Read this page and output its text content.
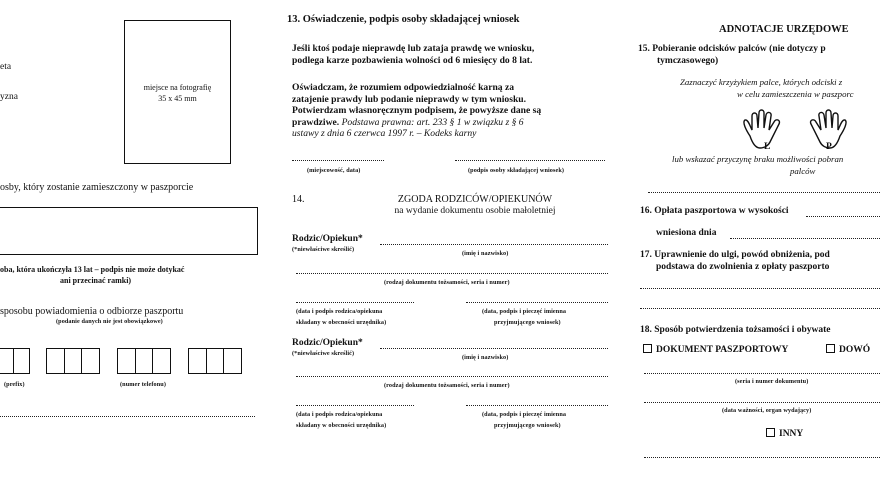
eta
yzna
miejsce na fotografię
35 x 45 mm
osby, który zostanie zamieszczony w paszporcie
oba, która ukończyła 13 lat – podpis nie może dotykać
ani przecinać ramki)
sposobu powiadomienia o odbiorze paszportu
(podanie danych nie jest obowiązkowe)
(prefix)	(numer telefonu)
13. Oświadczenie, podpis osoby składającej wniosek
Jeśli ktoś podaje nieprawdę lub zataja prawdę we wniosku,
podlega karze pozbawienia wolności od 6 miesięcy do 8 lat.
Oświadczam, że rozumiem odpowiedzialność karną za
zatajenie prawdy lub podanie nieprawdy w tym wniosku.
Potwierdzam własnoręcznym podpisem, że powyższe dane są
prawdziwe. Podstawa prawna: art. 233 § 1 w związku z § 6
ustawy z dnia 6 czerwca 1997 r. – Kodeks karny
(miejscowość, data)	(podpis osoby składającej wniosek)
14.	ZGODA RODZICÓW/OPIEKUNÓW
na wydanie dokumentu osobie małoletniej
Rodzic/Opiekun*
(*niewłaściwe skreślić)
(imię i nazwisko)
(rodzaj dokumentu tożsamości, seria i numer)
(data i podpis rodzica/opiekuna
składany w obecności urzędnika)
(data, podpis i pieczęć imienna
przyjmującego wniosek)
Rodzic/Opiekun*
(*niewłaściwe skreślić)
(imię i nazwisko)
(rodzaj dokumentu tożsamości, seria i numer)
(data i podpis rodzica/opiekuna
składany w obecności urzędnika)
(data, podpis i pieczęć imienna
przyjmującego wniosek)
ADNOTACJE URZĘDOWE
15. Pobieranie odcisków palców (nie dotyczy p
tymczasowego)
Zaznaczyć krzyżykiem palce, których odciski z
w celu zamieszczenia w paszporc
L	P
lub wskazać przyczynę braku możliwości pobran
palców
16. Opłata paszportowa w wysokości
wniesiona dnia
17. Uprawnienie do ulgi, powód obniżenia, pod
podstawa do zwolnienia z opłaty paszporto
18. Sposób potwierdzenia tożsamości i obywate
DOKUMENT PASZPORTOWY	DOWÓ
(seria i numer dokumentu)
(data ważności, organ wydający)
INNY
